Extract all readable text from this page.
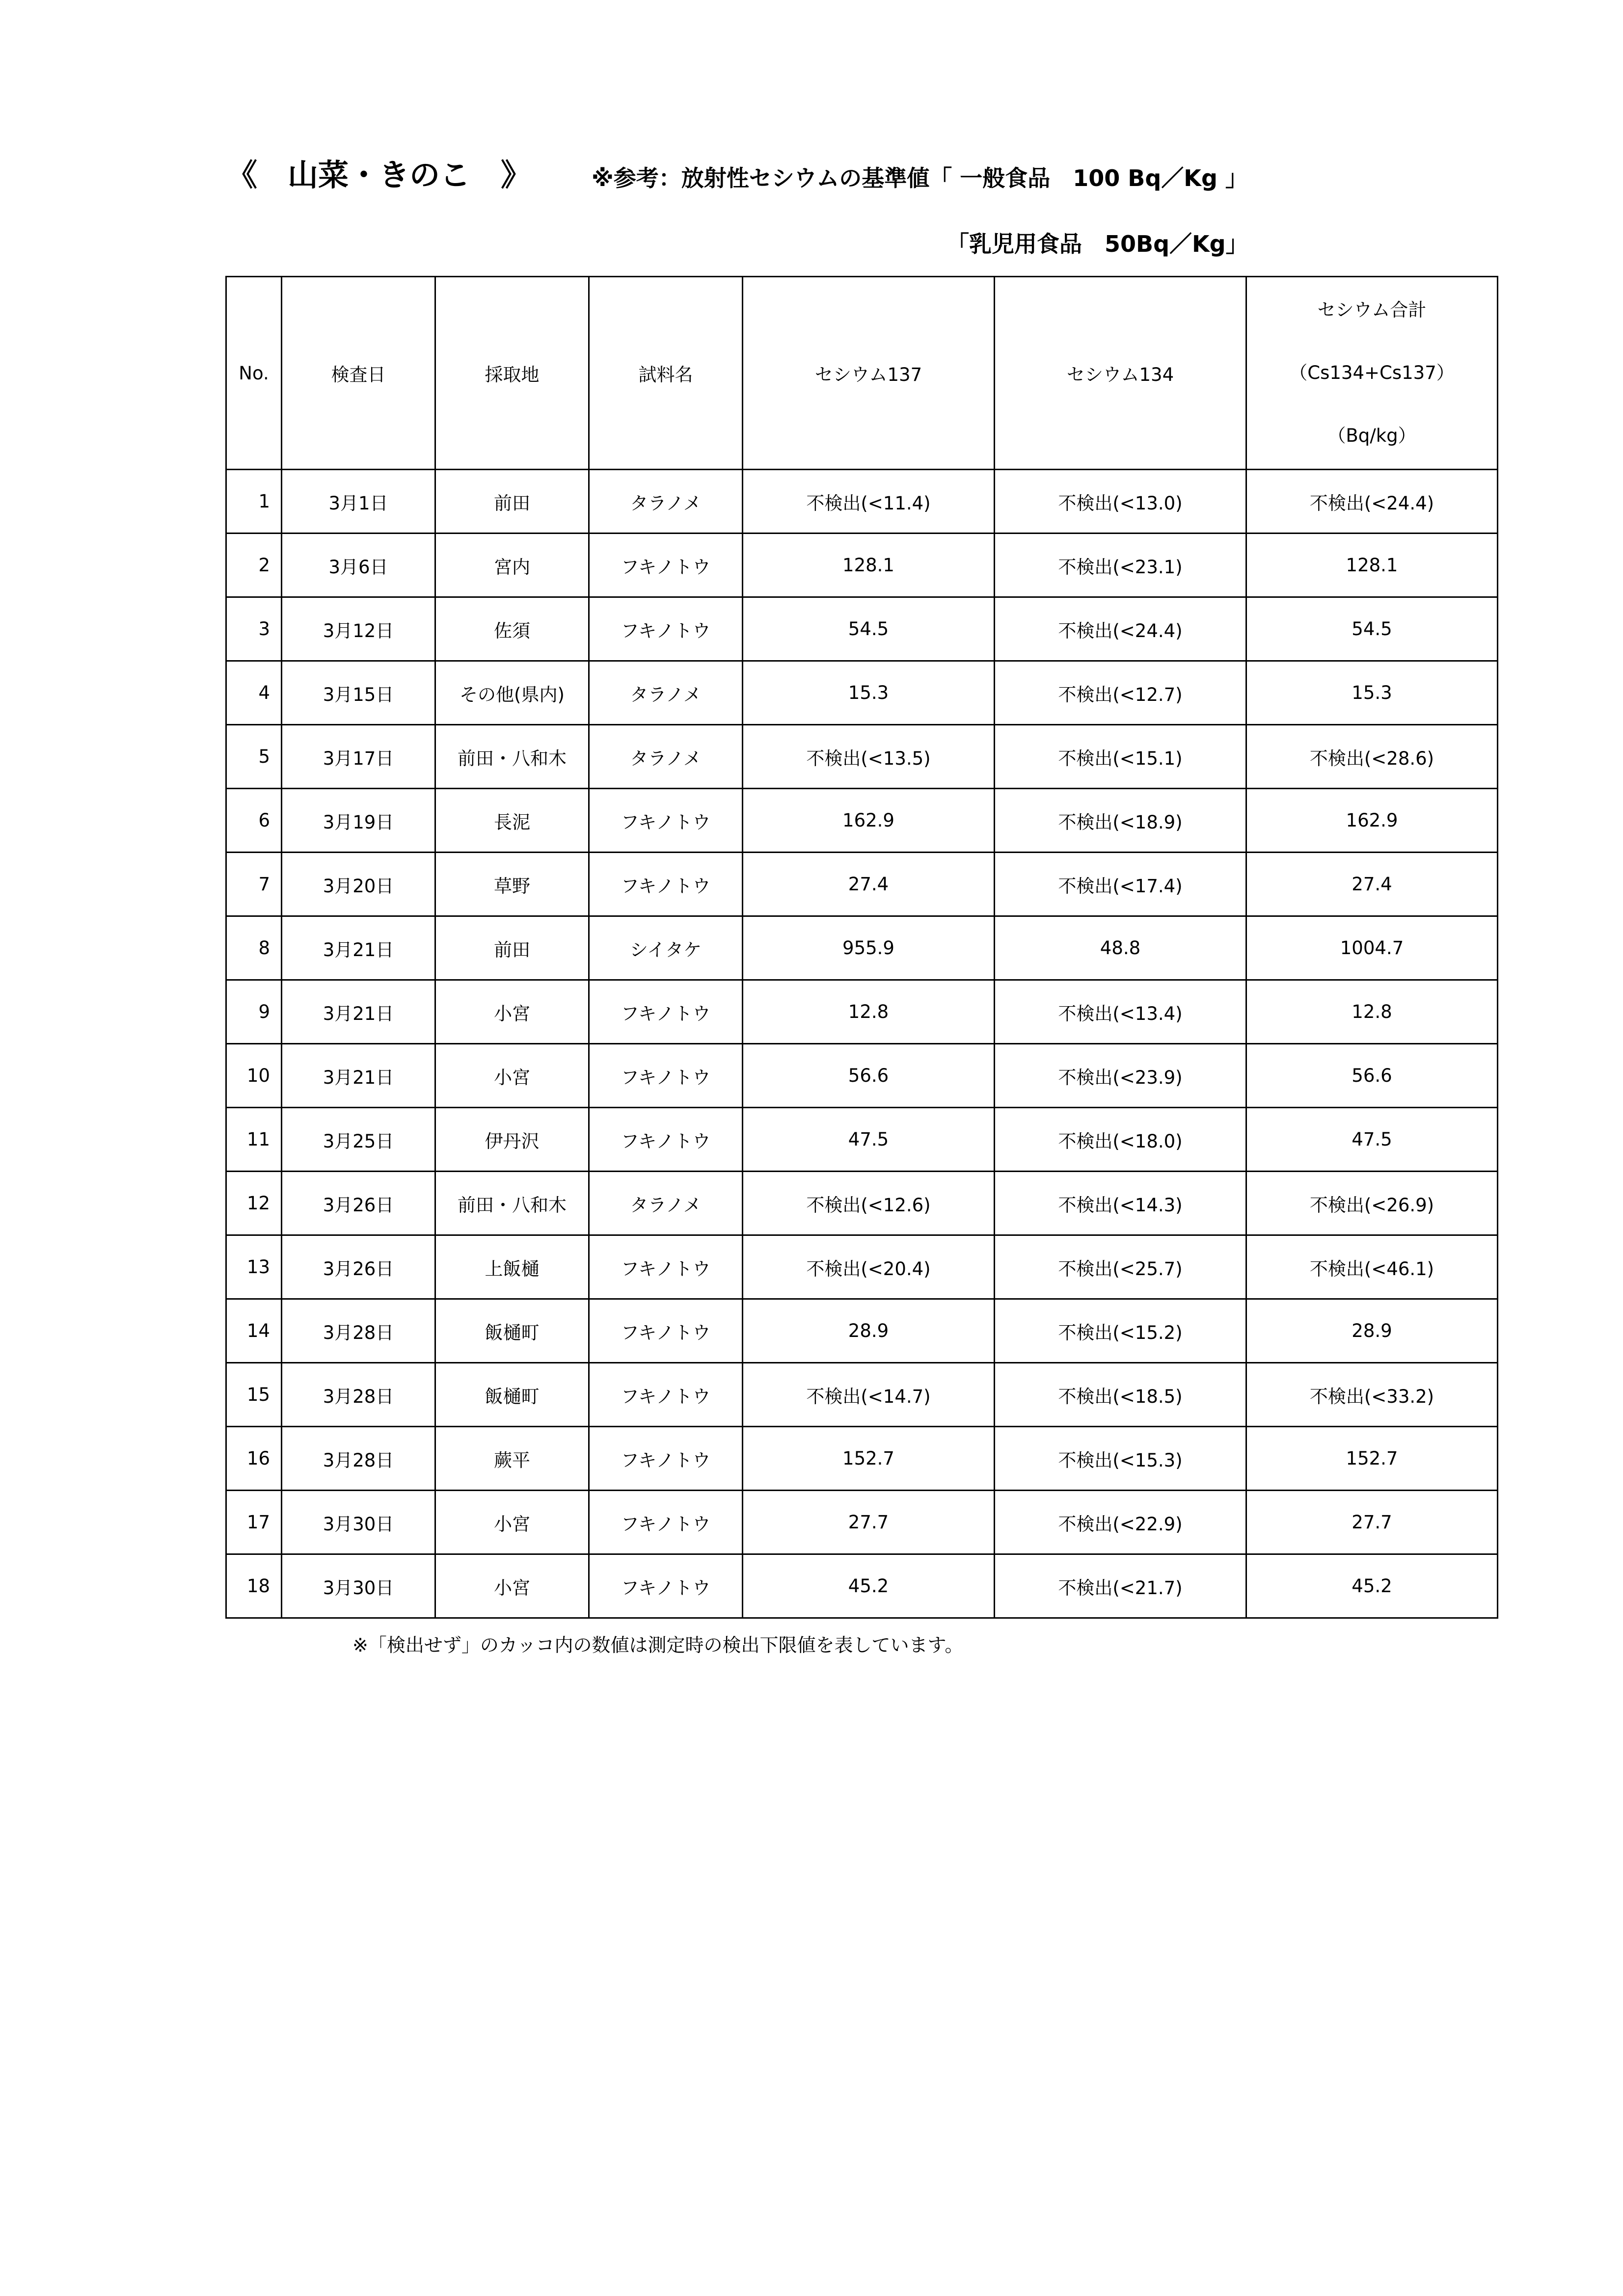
《　山菜・きのこ　》	※参考：放射性セシウムの基準値「 一般食品　100 Bq／Kg 」
「乳児用食品　50Bq／Kg」
No.	検査日	採取地	試料名	セシウム137	セシウム134	セシウム合計
（Cs134+Cs137）
（Bq/kg）

1	3月1日	前田	タラノメ	不検出(<11.4)	不検出(<13.0)	不検出(<24.4)
2	3月6日	宮内	フキノトウ	128.1	不検出(<23.1)	128.1
3	3月12日	佐須	フキノトウ	54.5	不検出(<24.4)	54.5
4	3月15日	その他(県内)	タラノメ	15.3	不検出(<12.7)	15.3
5	3月17日	前田・八和木	タラノメ	不検出(<13.5)	不検出(<15.1)	不検出(<28.6)
6	3月19日	長泥	フキノトウ	162.9	不検出(<18.9)	162.9
7	3月20日	草野	フキノトウ	27.4	不検出(<17.4)	27.4
8	3月21日	前田	シイタケ	955.9	48.8	1004.7
9	3月21日	小宮	フキノトウ	12.8	不検出(<13.4)	12.8
10	3月21日	小宮	フキノトウ	56.6	不検出(<23.9)	56.6
11	3月25日	伊丹沢	フキノトウ	47.5	不検出(<18.0)	47.5
12	3月26日	前田・八和木	タラノメ	不検出(<12.6)	不検出(<14.3)	不検出(<26.9)
13	3月26日	上飯樋	フキノトウ	不検出(<20.4)	不検出(<25.7)	不検出(<46.1)
14	3月28日	飯樋町	フキノトウ	28.9	不検出(<15.2)	28.9
15	3月28日	飯樋町	フキノトウ	不検出(<14.7)	不検出(<18.5)	不検出(<33.2)
16	3月28日	蕨平	フキノトウ	152.7	不検出(<15.3)	152.7
17	3月30日	小宮	フキノトウ	27.7	不検出(<22.9)	27.7
18	3月30日	小宮	フキノトウ	45.2	不検出(<21.7)	45.2
※「検出せず」のカッコ内の数値は測定時の検出下限値を表しています。
